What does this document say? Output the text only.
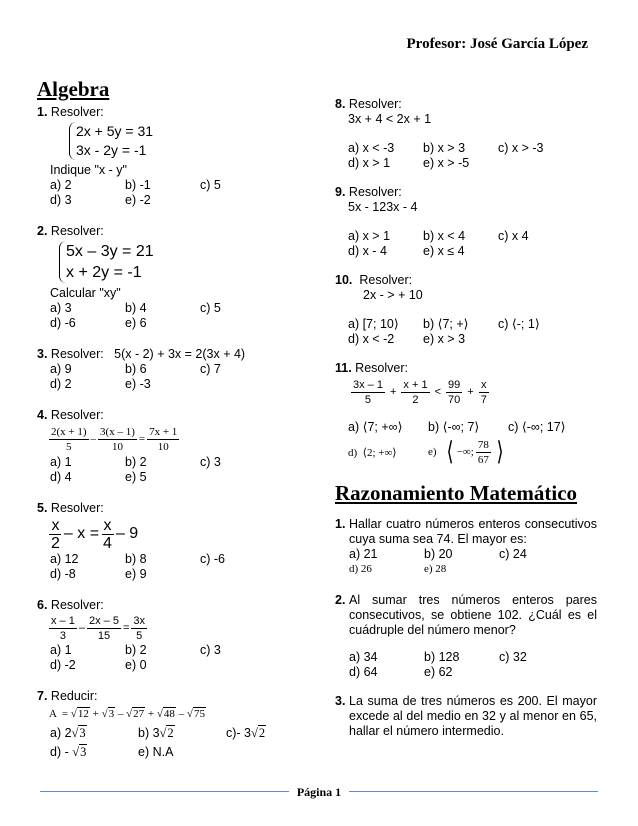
Profesor: José García López
Algebra
1. Resolver:
2x + 5y = 31
3x - 2y = -1
Indique "x - y"
a) 2	b) -1	c) 5
d) 3	e) -2
2. Resolver:
5x – 3y = 21
x + 2y = -1
Calcular "xy"
a) 3	b) 4	c) 5
d) -6	e) 6
3. Resolver:   5(x - 2) + 3x = 2(3x + 4)
a) 9	b) 6	c) 7
d) 2	e) -3
4. Resolver:
$\frac{2(x + 1)}{5} - \frac{3(x - 1)}{10} = \frac{7x + 1}{10}$
a) 1	b) 2	c) 3
d) 4	e) 5
5. Resolver:
$\frac{x}{2} - x = \frac{x}{4} - 9$
a) 12	b) 8	c) -6
d) -8	e) 9
6. Resolver:
$\frac{x - 1}{3} - \frac{2x - 5}{15} = \frac{3x}{5}$
a) 1	b) 2	c) 3
d) -2	e) 0
7. Reducir:
A  = √12 + √3 – √27 + √48 – √75
a) 2√3	b) 3√2	c)- 3√2
d) - √3	e) N.A
8. Resolver:
3x + 4 < 2x + 1
a) x < -3	b) x > 3	c) x > -3
d) x > 1	e) x > -5
9. Resolver:
5x - 123x - 4
a) x > 1	b) x < 4	c) x 4
d) x - 4	e) x ≤ 4
10. Resolver:
2x - > + 10
a) [7; 10⟩	b) ⟨7; +⟩	c) ⟨-; 1⟩
d) x < -2	e) x > 3
11. Resolver:
$\frac{3x - 1}{5} + \frac{x + 1}{2} < \frac{99}{70} + \frac{x}{7}$
a) ⟨7; +∞⟩	b) ⟨-∞; 7⟩	c) ⟨-∞; 17⟩
d)  ⟨2; +∞⟩	e) ⟨ −∞; $\frac{78}{67}$ ⟩
Razonamiento Matemático
1. Hallar cuatro números enteros consecutivos cuya suma sea 74. El mayor es:
a) 21	b) 20	c) 24
d) 26	e) 28
2. Al sumar tres números enteros pares consecutivos, se obtiene 102. ¿Cuál es el cuádruple del número menor?
a) 34	b) 128	c) 32
d) 64	e) 62
3. La suma de tres números es 200. El mayor excede al del medio en 32 y al menor en 65, hallar el número intermedio.
Página 1
